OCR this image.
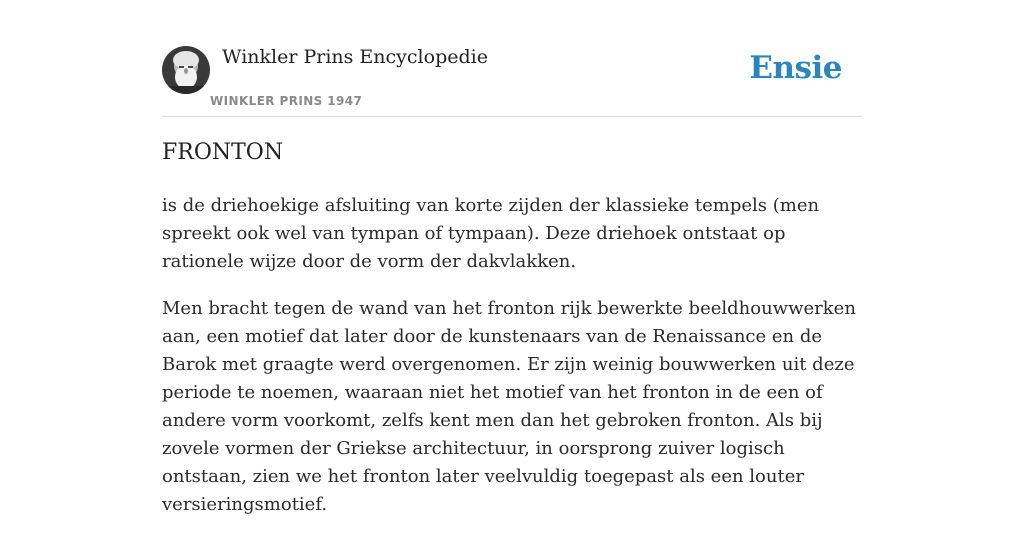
Winkler Prins Encyclopedie
WINKLER PRINS 1947
Ensie
FRONTON

is de driehoekige afsluiting van korte zijden der klassieke tempels (men spreekt ook wel van tympan of tympaan). Deze driehoek ontstaat op rationele wijze door de vorm der dakvlakken.

Men bracht tegen de wand van het fronton rijk bewerkte beeldhouwwerken aan, een motief dat later door de kunstenaars van de Renaissance en de Barok met graagte werd overgenomen. Er zijn weinig bouwwerken uit deze periode te noemen, waaraan niet het motief van het fronton in de een of andere vorm voorkomt, zelfs kent men dan het gebroken fronton. Als bij zovele vormen der Griekse architectuur, in oorsprong zuiver logisch ontstaan, zien we het fronton later veelvuldig toegepast als een louter versieringsmotief.
